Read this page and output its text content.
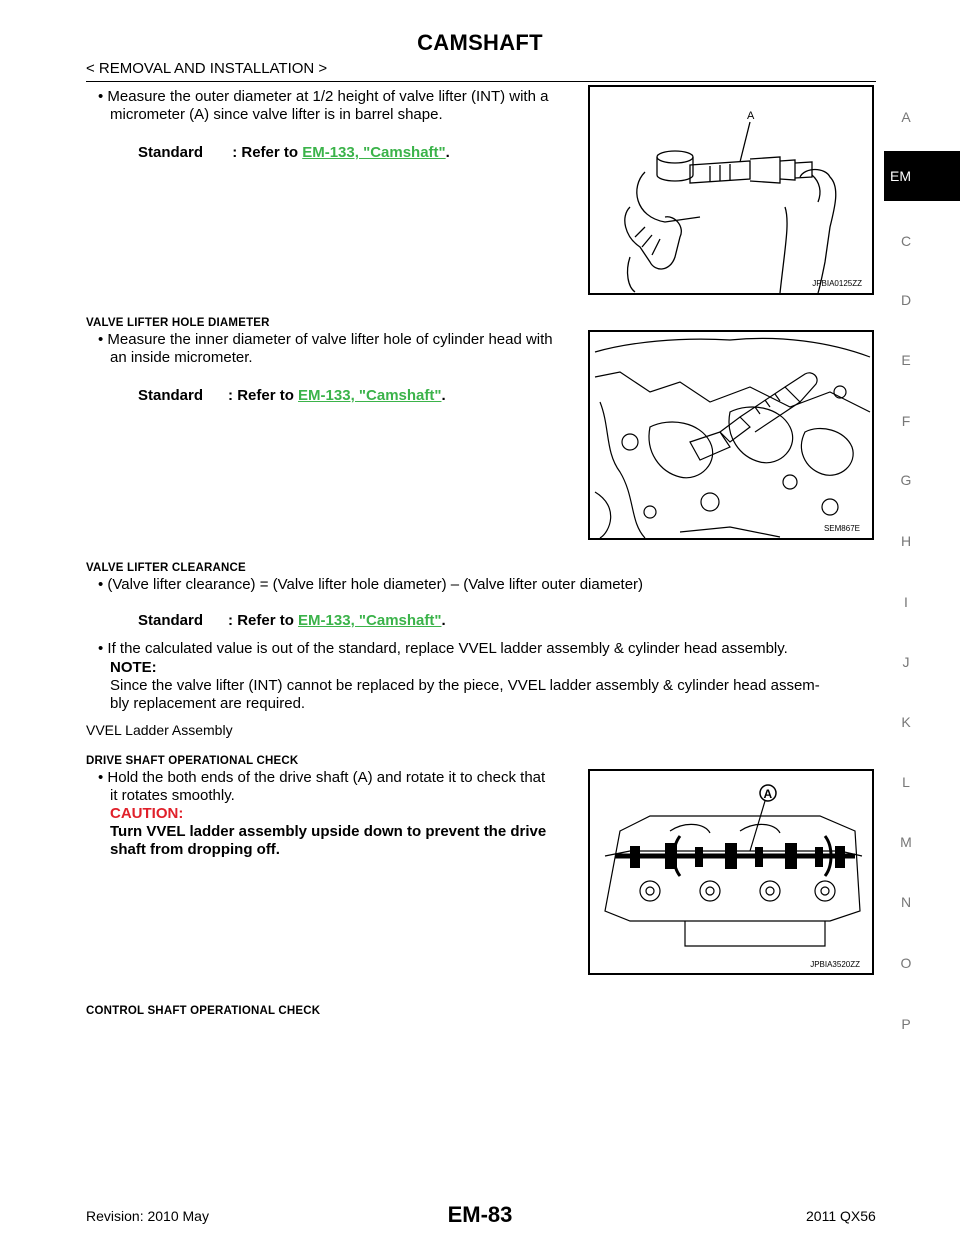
CAMSHAFT
< REMOVAL AND INSTALLATION >
A
EM
C
D
E
F
G
H
I
J
K
L
M
N
O
P
• Measure the outer diameter at 1/2 height of valve lifter (INT) with a
micrometer (A) since valve lifter is in barrel shape.
Standard : Refer to EM-133, "Camshaft".
A
JPBIA0125ZZ
VALVE LIFTER HOLE DIAMETER
• Measure the inner diameter of valve lifter hole of cylinder head with
an inside micrometer.
Standard : Refer to EM-133, "Camshaft".
SEM867E
VALVE LIFTER CLEARANCE
• (Valve lifter clearance) = (Valve lifter hole diameter) – (Valve lifter outer diameter)
Standard : Refer to EM-133, "Camshaft".
• If the calculated value is out of the standard, replace VVEL ladder assembly & cylinder head assembly.
NOTE:
Since the valve lifter (INT) cannot be replaced by the piece, VVEL ladder assembly & cylinder head assem-
bly replacement are required.
VVEL Ladder Assembly
DRIVE SHAFT OPERATIONAL CHECK
• Hold the both ends of the drive shaft (A) and rotate it to check that
it rotates smoothly.
CAUTION:
Turn VVEL ladder assembly upside down to prevent the drive
shaft from dropping off.
A
JPBIA3520ZZ
CONTROL SHAFT OPERATIONAL CHECK
Revision: 2010 May	EM-83	2011 QX56
